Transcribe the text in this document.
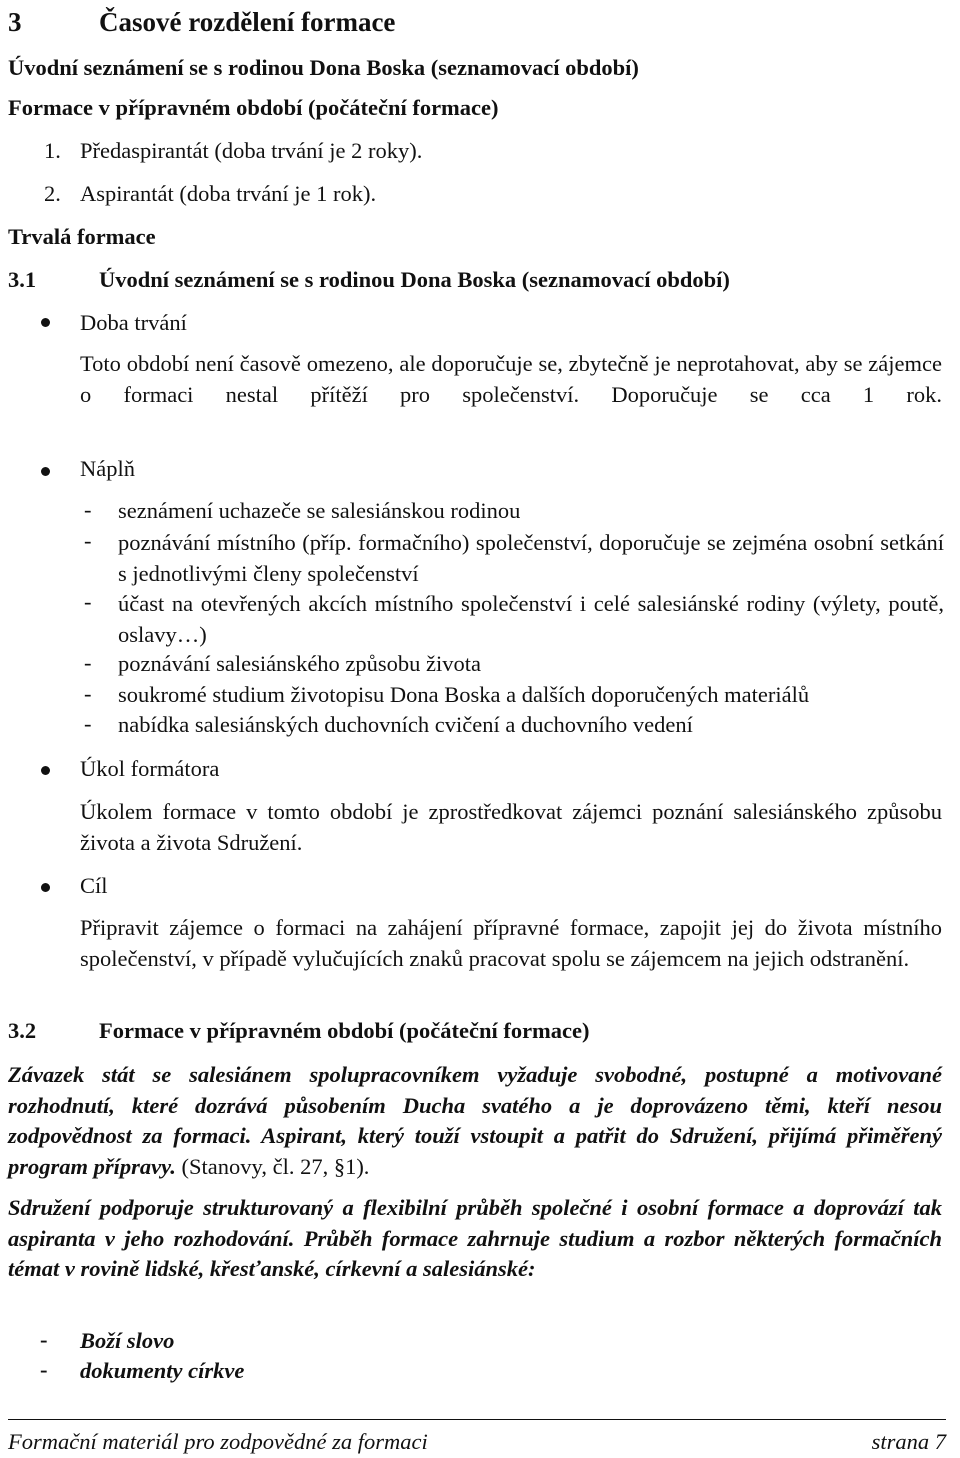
3	Časové rozdělení formace
Úvodní seznámení se s rodinou Dona Boska (seznamovací období)
Formace v přípravném období (počáteční formace)
1. Předaspirantát (doba trvání je 2 roky).
2. Aspirantát (doba trvání je 1 rok).
Trvalá formace
3.1	Úvodní seznámení se s rodinou Dona Boska (seznamovací období)
Doba trvání
Toto období není časově omezeno, ale doporučuje se, zbytečně je neprotahovat, aby se zájemce o formaci nestal přítěží pro společenství. Doporučuje se cca 1 rok.
Náplň
- seznámení uchazeče se salesiánskou rodinou
- poznávání místního (příp. formačního) společenství, doporučuje se zejména osobní setkání s jednotlivými členy společenství
- účast na otevřených akcích místního společenství i celé salesiánské rodiny (výlety, poutě, oslavy…)
- poznávání salesiánského způsobu života
- soukromé studium životopisu Dona Boska a dalších doporučených materiálů
- nabídka salesiánských duchovních cvičení a duchovního vedení
Úkol formátora
Úkolem formace v tomto období je zprostředkovat zájemci poznání salesiánského způsobu života a života Sdružení.
Cíl
Připravit zájemce o formaci na zahájení přípravné formace, zapojit jej do života místního společenství, v případě vylučujících znaků pracovat spolu se zájemcem na jejich odstranění.
3.2	Formace v přípravném období (počáteční formace)
Závazek stát se salesiánem spolupracovníkem vyžaduje svobodné, postupné a motivované rozhodnutí, které dozrává působením Ducha svatého a je doprovázeno těmi, kteří nesou zodpovědnost za formaci. Aspirant, který touží vstoupit a patřit do Sdružení, přijímá přiměřený program přípravy. (Stanovy, čl. 27, §1).
Sdružení podporuje strukturovaný a flexibilní průběh společné i osobní formace a doprovází tak aspiranta v jeho rozhodování. Průběh formace zahrnuje studium a rozbor některých formačních témat v rovině lidské, křesťanské, církevní a salesiánské:
- Boží slovo
- dokumenty církve
Formační materiál pro zodpovědné za formaci	strana 7
